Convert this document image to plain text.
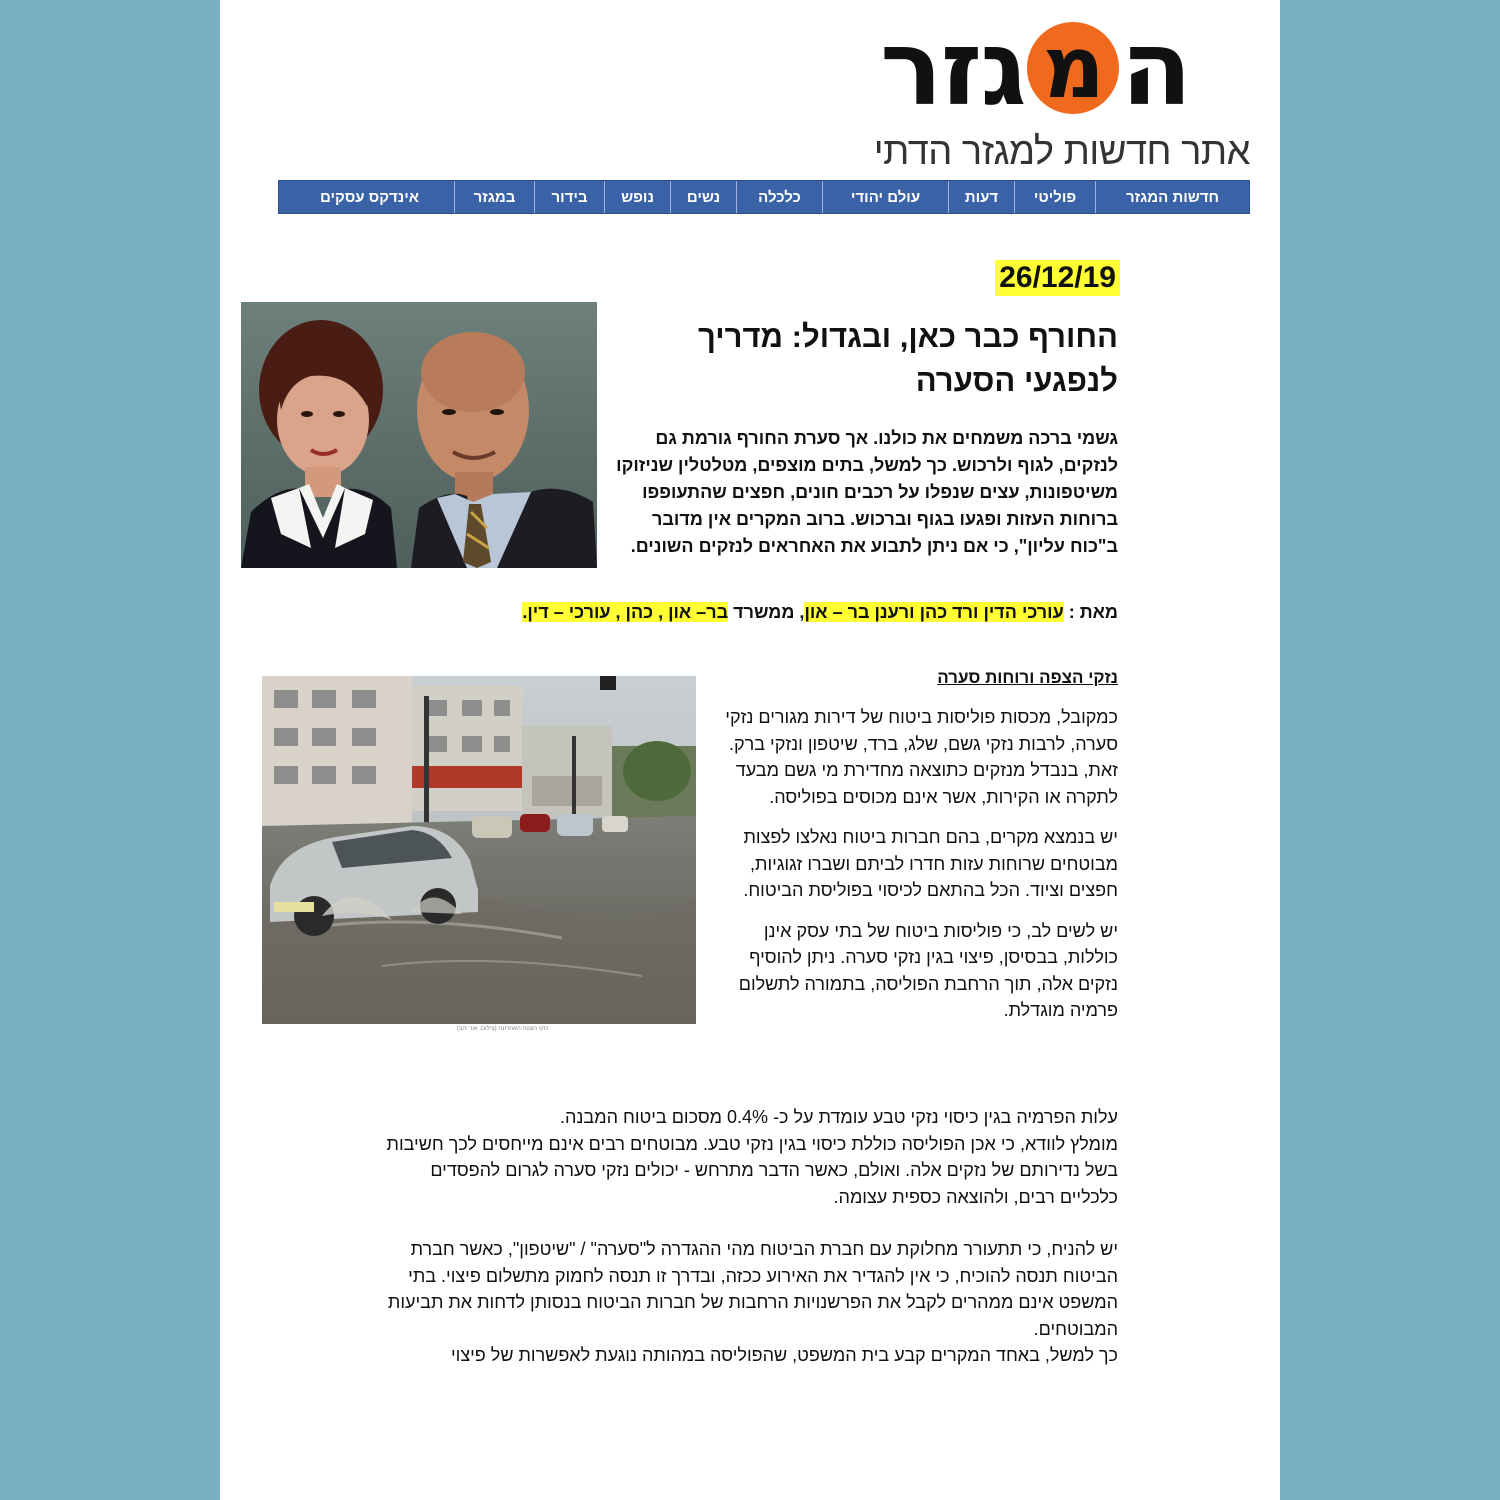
ה
מ
ג
ז
ר
אתר חדשות למגזר הדתי
חדשות המגזר
פוליטי
דעות
עולם יהודי
כלכלה
נשים
נופש
בידור
במגזר
אינדקס עסקים
26/12/19
החורף כבר כאן, ובגדול: מדריך לנפגעי הסערה
גשמי ברכה משמחים את כולנו. אך סערת החורף גורמת גם לנזקים, לגוף ולרכוש. כך למשל, בתים מוצפים, מטלטלין שניזוקו משיטפונות, עצים שנפלו על רכבים חונים, חפצים שהתעופפו ברוחות העזות ופגעו בגוף וברכוש. ברוב המקרים אין מדובר ב"כוח עליון", כי אם ניתן לתבוע את האחראים לנזקים השונים.
מאת : עורכי הדין ורד כהן ורענן בר – און, ממשרד בר– און , כהן , עורכי – דין.
נזקי הצפה ורוחות סערה
נזקי הצפה האחרונה (צילום: אור יהב)

כמקובל, מכסות פוליסות ביטוח של דירות מגורים נזקי סערה, לרבות נזקי גשם, שלג, ברד, שיטפון ונזקי ברק. זאת, בנבדל מנזקים כתוצאה מחדירת מי גשם מבעד לתקרה או הקירות, אשר אינם מכוסים בפוליסה.

יש בנמצא מקרים, בהם חברות ביטוח נאלצו לפצות מבוטחים שרוחות עזות חדרו לביתם ושברו זגוגיות, חפצים וציוד. הכל בהתאם לכיסוי בפוליסת הביטוח.

יש לשים לב, כי פוליסות ביטוח של בתי עסק אינן כוללות, בבסיסן, פיצוי בגין נזקי סערה. ניתן להוסיף נזקים אלה, תוך הרחבת הפוליסה, בתמורה לתשלום פרמיה מוגדלת.

עלות הפרמיה בגין כיסוי נזקי טבע עומדת על כ- 0.4% מסכום ביטוח המבנה.

מומלץ לוודא, כי אכן הפוליסה כוללת כיסוי בגין נזקי טבע. מבוטחים רבים אינם מייחסים לכך חשיבות בשל נדירותם של נזקים אלה. ואולם, כאשר הדבר מתרחש - יכולים נזקי סערה לגרום להפסדים כלכליים רבים, ולהוצאה כספית עצומה.

יש להניח, כי תתעורר מחלוקת עם חברת הביטוח מהי ההגדרה ל"סערה" / "שיטפון", כאשר חברת הביטוח תנסה להוכיח, כי אין להגדיר את האירוע ככזה, ובדרך זו תנסה לחמוק מתשלום פיצוי. בתי המשפט אינם ממהרים לקבל את הפרשנויות הרחבות של חברות הביטוח בנסותן לדחות את תביעות המבוטחים.

כך למשל, באחד המקרים קבע בית המשפט, שהפוליסה במהותה נוגעת לאפשרות של פיצוי
